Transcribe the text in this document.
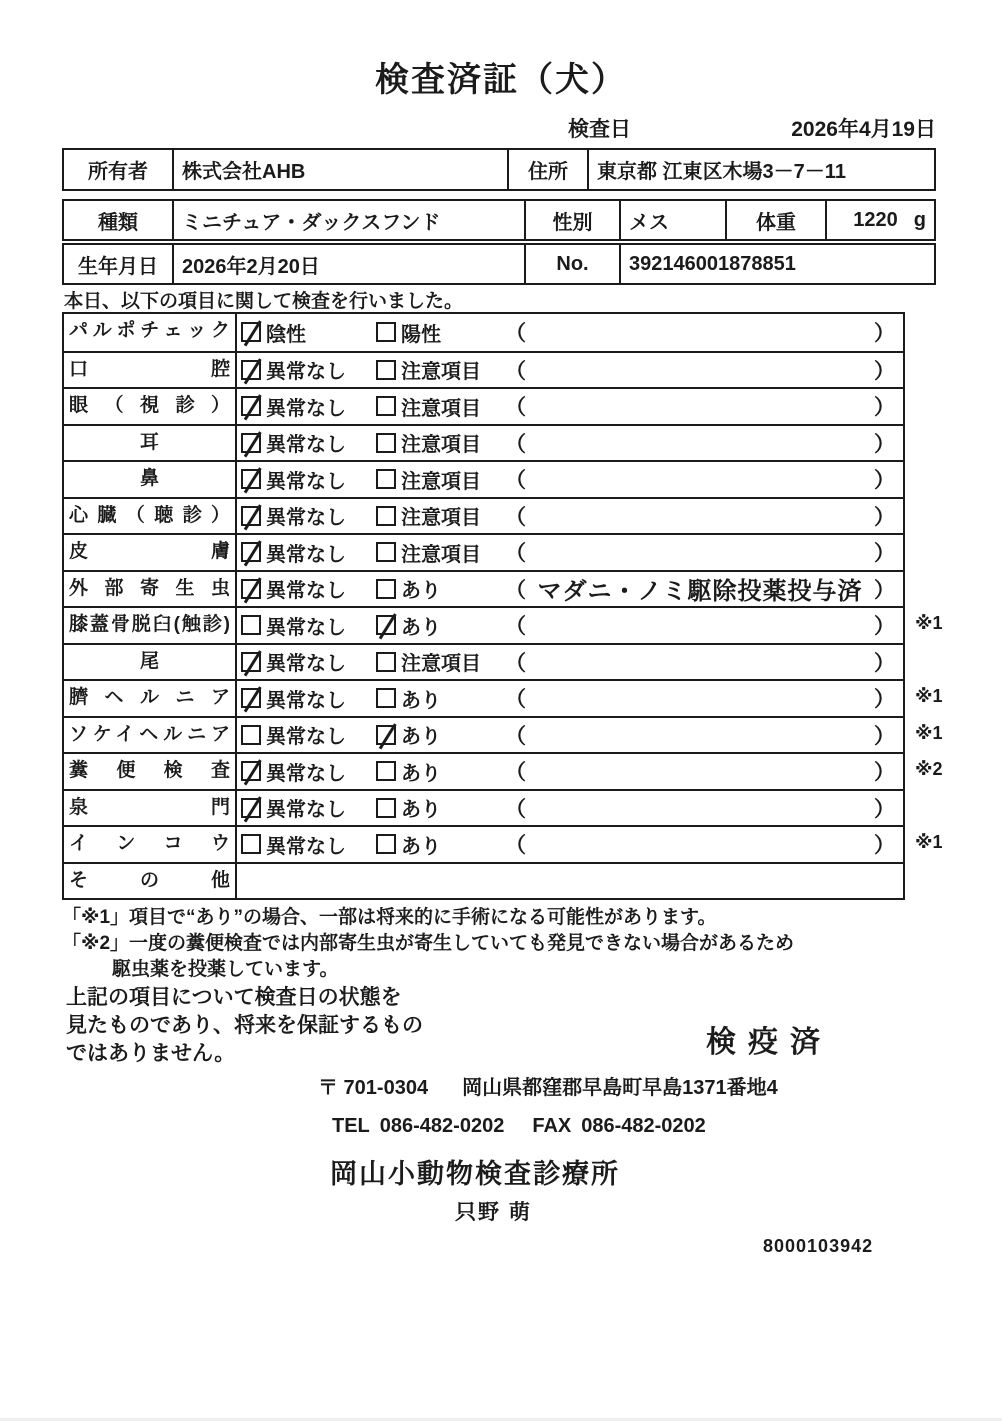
検査済証（犬）
検査日	2026年4月19日
所有者	株式会社AHB	住所	東京都 江東区木場3－7－11
種類	ミニチュア・ダックスフンド	性別	メス	体重	1220 g
生年月日	2026年2月20日	No.	392146001878851
本日、以下の項目に関して検査を行いました。
パルポチェック	陰性	陽性	（	）
口腔	異常なし	注意項目 （	）
眼（視診）	異常なし	注意項目 （	）
耳	異常なし	注意項目 （	）
鼻	異常なし	注意項目 （	）
心臓（聴診）	異常なし	注意項目 （	）
皮膚	異常なし	注意項目 （	）
外部寄生虫	異常なし	あり	（ マダニ・ノミ駆除投薬投与済 ）
膝蓋骨脱臼(触診)	異常なし	あり	（	） ※1
尾	異常なし	注意項目 （	）
臍ヘルニア	異常なし	あり	（	） ※1
ソケイヘルニア	異常なし	あり	（	） ※1
糞便検査	異常なし	あり	（	） ※2
泉門	異常なし	あり	（	）
インコウ	異常なし	あり	（	） ※1
その他
「※1」項目で“あり”の場合、一部は将来的に手術になる可能性があります。
「※2」一度の糞便検査では内部寄生虫が寄生していても発見できない場合があるため
駆虫薬を投薬しています。
上記の項目について検査日の状態を
見たものであり、将来を保証するもの
ではありません。	検疫済
〒 701-0304 岡山県都窪郡早島町早島1371番地4
TEL 086-482-0202 FAX 086-482-0202
岡山小動物検査診療所
只野 萌
8000103942
